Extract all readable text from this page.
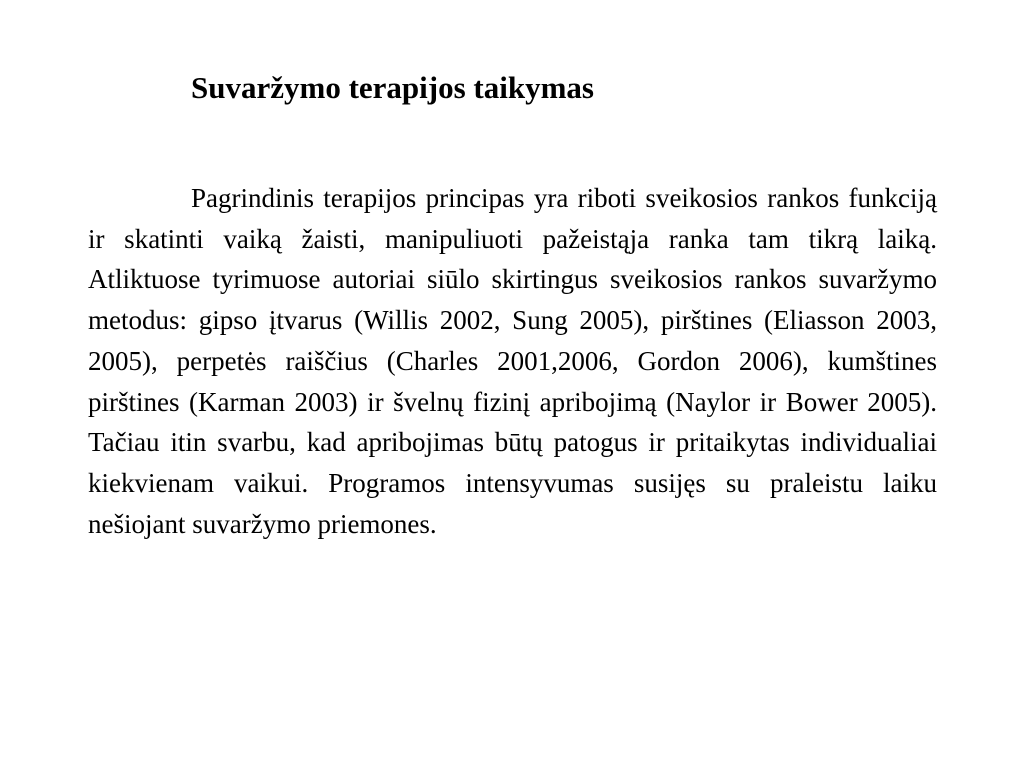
Suvaržymo terapijos taikymas

Pagrindinis terapijos principas yra riboti sveikosios rankos funkciją ir skatinti vaiką žaisti, manipuliuoti pažeistąja ranka tam tikrą laiką. Atliktuose tyrimuose autoriai siūlo skirtingus sveikosios rankos suvaržymo metodus: gipso įtvarus (Willis 2002, Sung 2005), pirštines (Eliasson 2003, 2005), perpetės raiščius (Charles 2001,2006, Gordon 2006), kumštines pirštines (Karman 2003) ir švelnų fizinį apribojimą (Naylor ir Bower 2005). Tačiau itin svarbu, kad apribojimas būtų patogus ir pritaikytas individualiai kiekvienam vaikui. Programos intensyvumas susijęs su praleistu laiku nešiojant suvaržymo priemones.
